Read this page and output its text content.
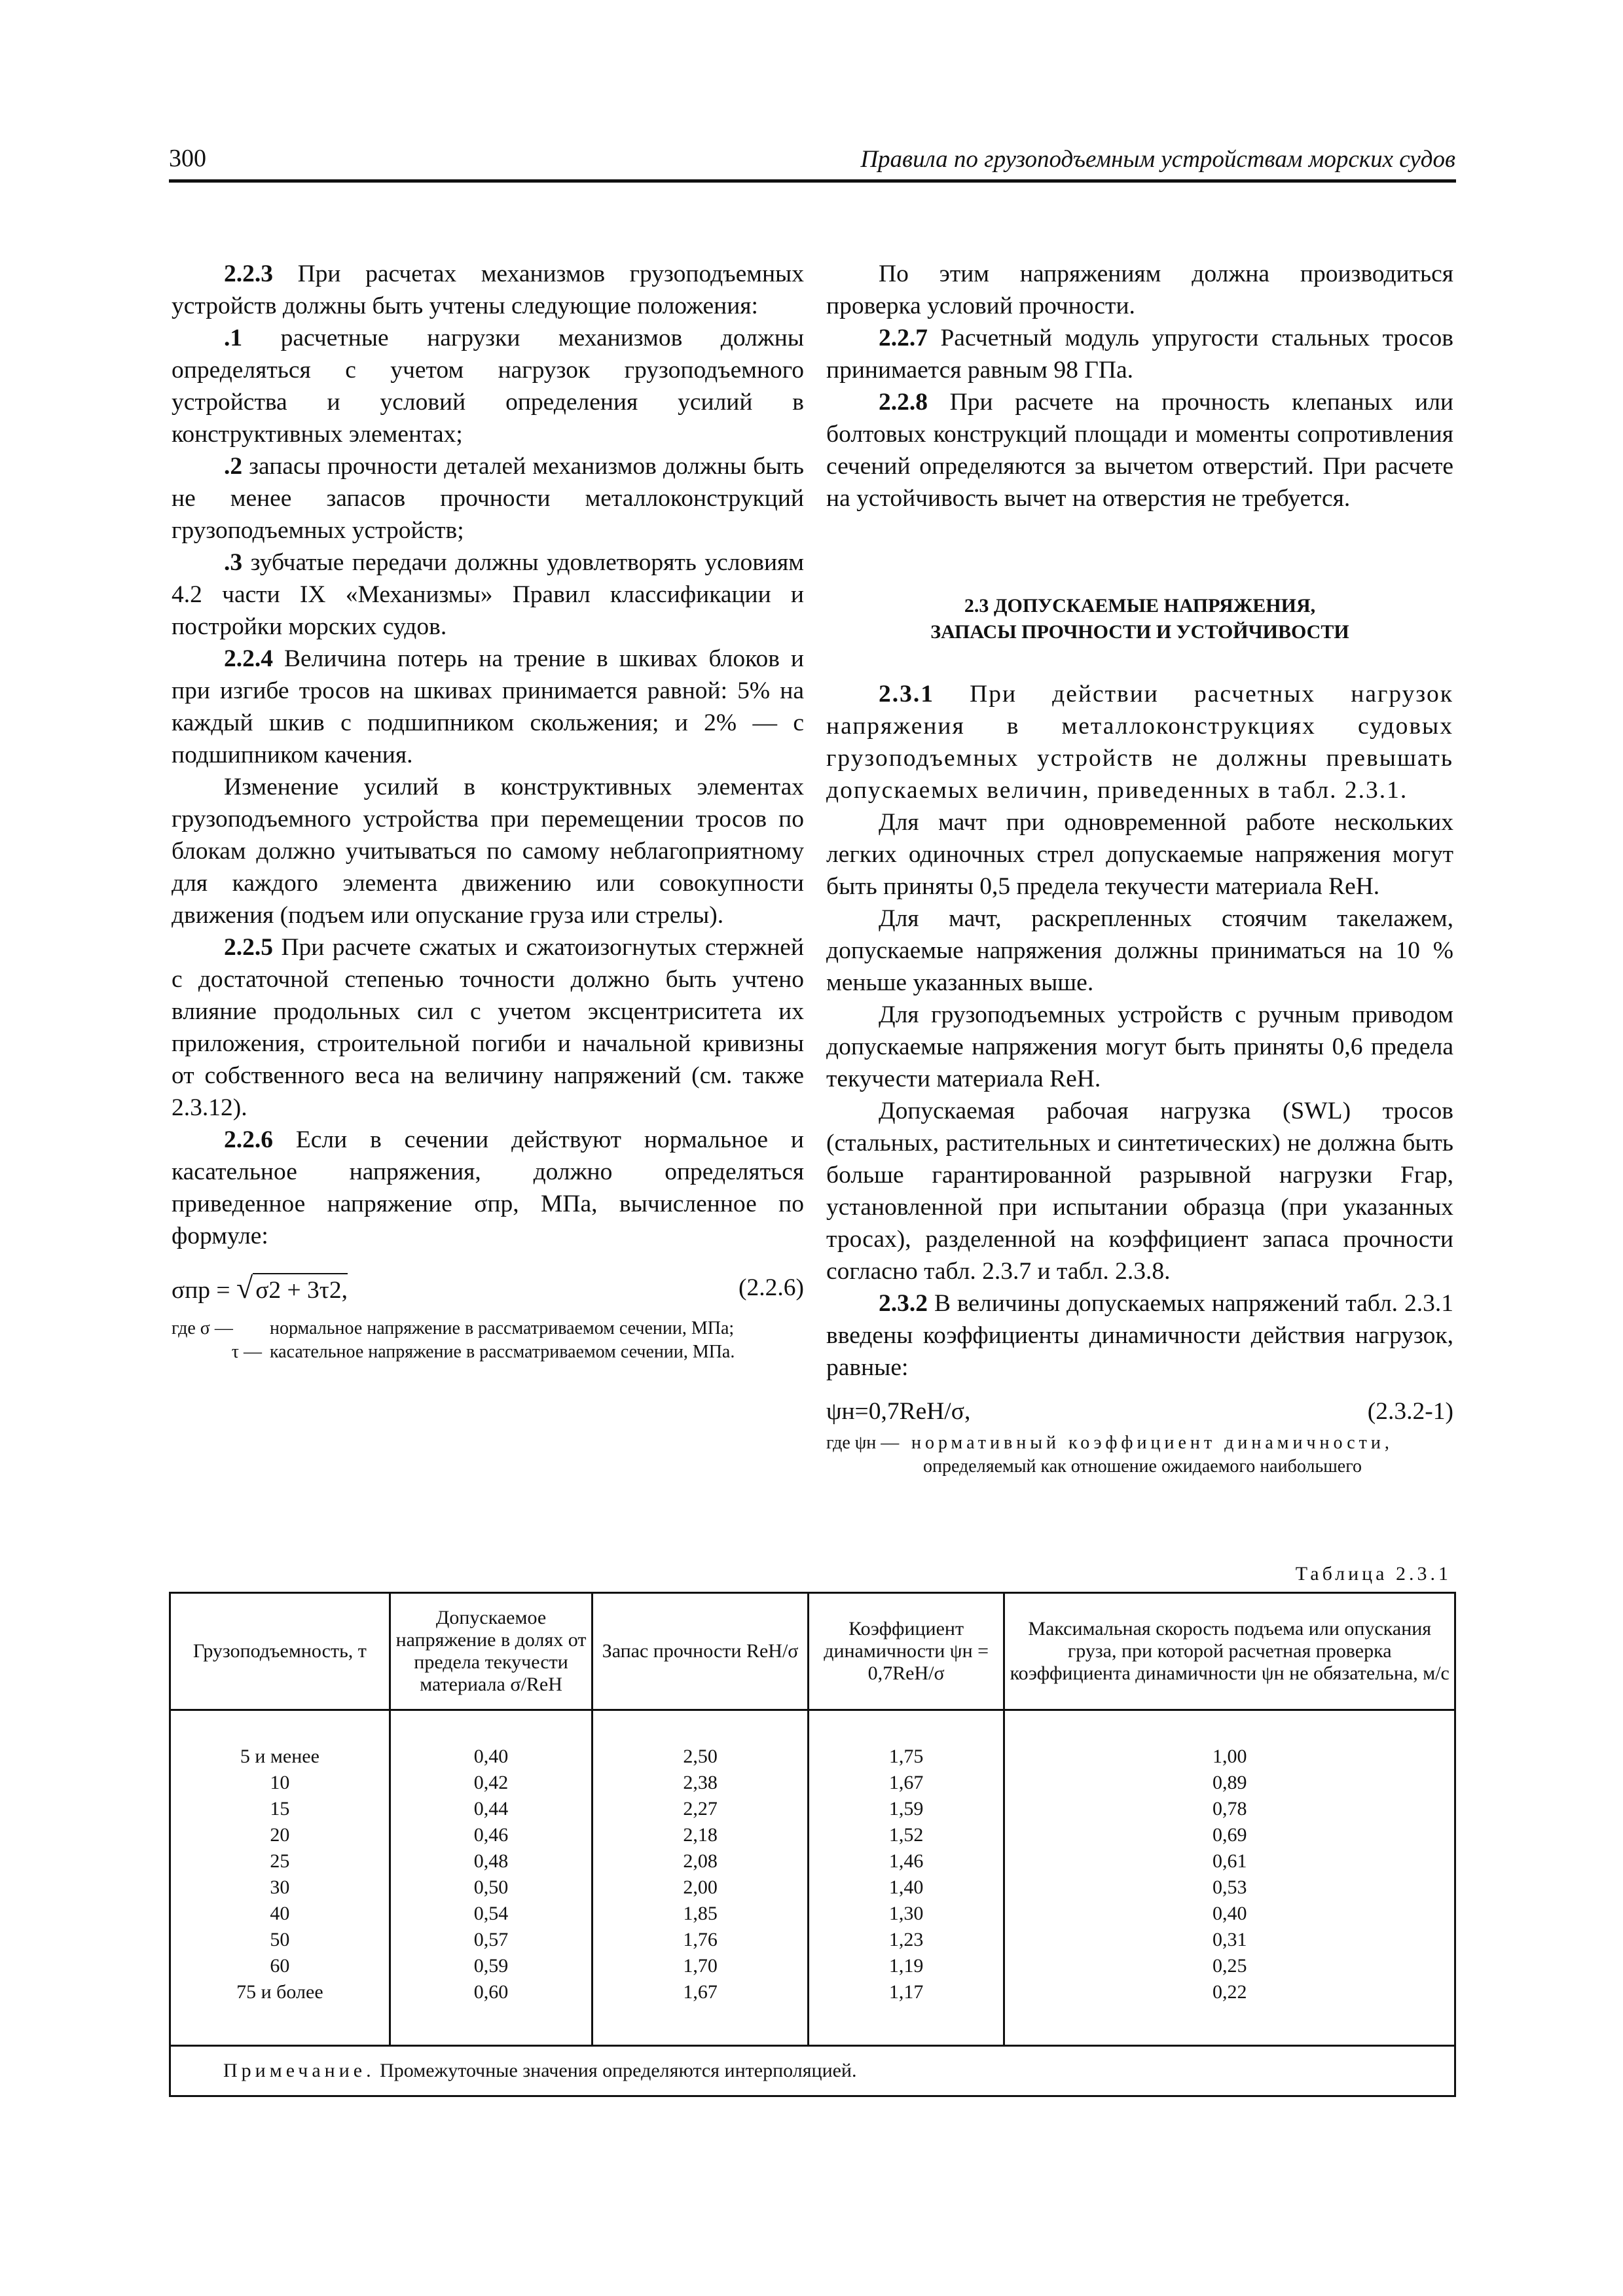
300	Правила по грузоподъемным устройствам морских судов

2.2.3 При расчетах механизмов грузоподъемных устройств должны быть учтены следующие положения:

.1 расчетные нагрузки механизмов должны определяться с учетом нагрузок грузоподъемного устройства и условий определения усилий в конструктивных элементах;

.2 запасы прочности деталей механизмов должны быть не менее запасов прочности металлоконструкций грузоподъемных устройств;

.3 зубчатые передачи должны удовлетворять условиям 4.2 части IX «Механизмы» Правил классификации и постройки морских судов.

2.2.4 Величина потерь на трение в шкивах блоков и при изгибе тросов на шкивах принимается равной: 5% на каждый шкив с подшипником скольжения; и 2% — с подшипником качения.

Изменение усилий в конструктивных элементах грузоподъемного устройства при перемещении тросов по блокам должно учитываться по самому неблагоприятному для каждого элемента движению или совокупности движения (подъем или опускание груза или стрелы).

2.2.5 При расчете сжатых и сжатоизогнутых стержней с достаточной степенью точности должно быть учтено влияние продольных сил с учетом эксцентриситета их приложения, строительной погиби и начальной кривизны от собственного веса на величину напряжений (см. также 2.3.12).

2.2.6 Если в сечении действуют нормальное и касательное напряжения, должно определяться приведенное напряжение σпр, МПа, вычисленное по формуле:

σпр = √ σ2 + 3τ2,	(2.2.6)
где σ —	нормальное напряжение в рассматриваемом сечении, МПа;
τ — касательное напряжение в рассматриваемом сечении, МПа.

По этим напряжениям должна производиться проверка условий прочности.

2.2.7 Расчетный модуль упругости стальных тросов принимается равным 98 ГПа.

2.2.8 При расчете на прочность клепаных или болтовых конструкций площади и моменты сопротивления сечений определяются за вычетом отверстий. При расчете на устойчивость вычет на отверстия не требуется.

2.3 ДОПУСКАЕМЫЕ НАПРЯЖЕНИЯ,

ЗАПАСЫ ПРОЧНОСТИ И УСТОЙЧИВОСТИ

2.3.1 При действии расчетных нагрузок напряжения в металлоконструкциях судовых грузоподъемных устройств не должны превышать допускаемых величин, приведенных в табл. 2.3.1.

Для мачт при одновременной работе нескольких легких одиночных стрел допускаемые напряжения могут быть приняты 0,5 предела текучести материала ReH.

Для мачт, раскрепленных стоячим такелажем, допускаемые напряжения должны приниматься на 10 % меньше указанных выше.

Для грузоподъемных устройств с ручным приводом допускаемые напряжения могут быть приняты 0,6 предела текучести материала ReH.

Допускаемая рабочая нагрузка (SWL) тросов (стальных, растительных и синтетических) не должна быть больше гарантированной разрывной нагрузки Fгар, установленной при испытании образца (при указанных тросах), разделенной на коэффициент запаса прочности согласно табл. 2.3.7 и табл. 2.3.8.

2.3.2 В величины допускаемых напряжений табл. 2.3.1 введены коэффициенты динамичности действия нагрузок, равные:

ψн=0,7ReH/σ,	(2.3.2-1)
где ψн — нормативный коэффициент динамичности,
определяемый как отношение ожидаемого наибольшего
Таблица 2.3.1
Грузоподъемность, т	Допускаемое напряжение в долях от предела текучести материала σ/ReH	Запас прочности ReH/σ	Коэффициент динамичности ψн = 0,7ReH/σ	Максимальная скорость подъема или опускания груза, при которой расчетная проверка коэффициента динамичности ψн не обязательна, м/с

5 и менее	0,40	2,50	1,75	1,00
10	0,42	2,38	1,67	0,89
15	0,44	2,27	1,59	0,78
20	0,46	2,18	1,52	0,69
25	0,48	2,08	1,46	0,61
30	0,50	2,00	1,40	0,53
40	0,54	1,85	1,30	0,40
50	0,57	1,76	1,23	0,31
60	0,59	1,70	1,19	0,25
75 и более	0,60	1,67	1,17	0,22

Примечание. Промежуточные значения определяются интерполяцией.				
